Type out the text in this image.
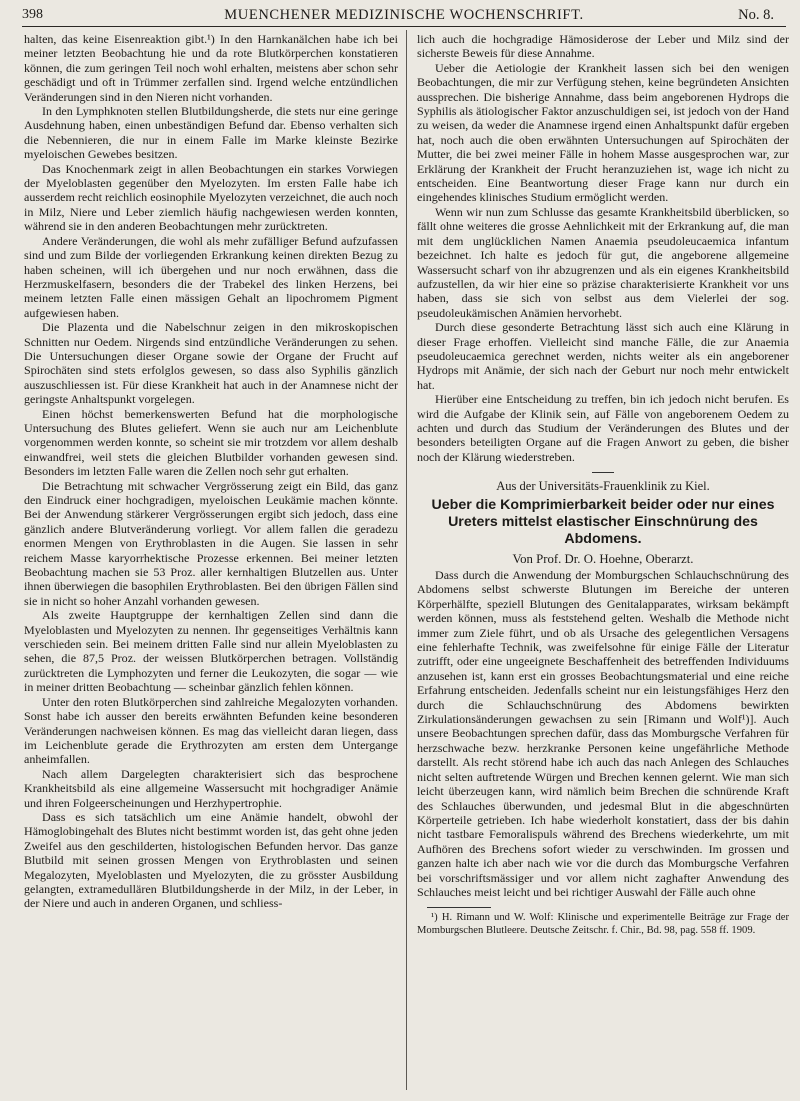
398	MUENCHENER MEDIZINISCHE WOCHENSCHRIFT.	No. 8.

halten, das keine Eisenreaktion gibt.¹) In den Harnkanälchen habe ich bei meiner letzten Beobachtung hie und da rote Blutkörperchen konstatieren können, die zum geringen Teil noch wohl erhalten, meistens aber schon sehr geschädigt und oft in Trümmer zerfallen sind. Irgend welche entzündlichen Veränderungen sind in den Nieren nicht vorhanden.

In den Lymphknoten stellen Blutbildungsherde, die stets nur eine geringe Ausdehnung haben, einen unbeständigen Befund dar. Ebenso verhalten sich die Nebennieren, die nur in einem Falle im Marke kleinste Bezirke myeloischen Gewebes besitzen.

Das Knochenmark zeigt in allen Beobachtungen ein starkes Vorwiegen der Myeloblasten gegenüber den Myelozyten. Im ersten Falle habe ich ausserdem recht reichlich eosinophile Myelozyten verzeichnet, die auch noch in Milz, Niere und Leber ziemlich häufig nachgewiesen werden konnten, während sie in den anderen Beobachtungen mehr zurücktreten.

Andere Veränderungen, die wohl als mehr zufälliger Befund aufzufassen sind und zum Bilde der vorliegenden Erkrankung keinen direkten Bezug zu haben scheinen, will ich übergehen und nur noch erwähnen, dass die Herzmuskelfasern, besonders die der Trabekel des linken Herzens, bei meinem letzten Falle einen mässigen Gehalt an lipochromem Pigment aufgewiesen haben.

Die Plazenta und die Nabelschnur zeigen in den mikroskopischen Schnitten nur Oedem. Nirgends sind entzündliche Veränderungen zu sehen. Die Untersuchungen dieser Organe sowie der Organe der Frucht auf Spirochäten sind stets erfolglos gewesen, so dass also Syphilis gänzlich auszuschliessen ist. Für diese Krankheit hat auch in der Anamnese nicht der geringste Anhaltspunkt vorgelegen.

Einen höchst bemerkenswerten Befund hat die morphologische Untersuchung des Blutes geliefert. Wenn sie auch nur am Leichenblute vorgenommen werden konnte, so scheint sie mir trotzdem vor allem deshalb einwandfrei, weil stets die gleichen Blutbilder vorhanden gewesen sind. Besonders im letzten Falle waren die Zellen noch sehr gut erhalten.

Die Betrachtung mit schwacher Vergrösserung zeigt ein Bild, das ganz den Eindruck einer hochgradigen, myeloischen Leukämie machen könnte. Bei der Anwendung stärkerer Vergrösserungen ergibt sich jedoch, dass eine gänzlich andere Blutveränderung vorliegt. Vor allem fallen die geradezu enormen Mengen von Erythroblasten in die Augen. Sie lassen in sehr reichem Masse karyorrhektische Prozesse erkennen. Bei meiner letzten Beobachtung machen sie 53 Proz. aller kernhaltigen Blutzellen aus. Unter ihnen überwiegen die basophilen Erythroblasten. Bei den übrigen Fällen sind sie in nicht so hoher Anzahl vorhanden gewesen.

Als zweite Hauptgruppe der kernhaltigen Zellen sind dann die Myeloblasten und Myelozyten zu nennen. Ihr gegenseitiges Verhältnis kann verschieden sein. Bei meinem dritten Falle sind nur allein Myeloblasten zu sehen, die 87,5 Proz. der weissen Blutkörperchen betragen. Vollständig zurücktreten die Lymphozyten und ferner die Leukozyten, die sogar — wie in meiner dritten Beobachtung — scheinbar gänzlich fehlen können.

Unter den roten Blutkörperchen sind zahlreiche Megalozyten vorhanden. Sonst habe ich ausser den bereits erwähnten Befunden keine besonderen Veränderungen nachweisen können. Es mag das vielleicht daran liegen, dass im Leichenblute gerade die Erythrozyten am ersten dem Untergange anheimfallen.

Nach allem Dargelegten charakterisiert sich das besprochene Krankheitsbild als eine allgemeine Wassersucht mit hochgradiger Anämie und ihren Folgeerscheinungen und Herzhypertrophie.

Dass es sich tatsächlich um eine Anämie handelt, obwohl der Hämoglobingehalt des Blutes nicht bestimmt worden ist, das geht ohne jeden Zweifel aus den geschilderten, histologischen Befunden hervor. Das ganze Blutbild mit seinen grossen Mengen von Erythroblasten und seinen Megalozyten, Myeloblasten und Myelozyten, die zu grösster Ausbildung gelangten, extramedullären Blutbildungsherde in der Milz, in der Leber, in der Niere und auch in anderen Organen, und schliess-

lich auch die hochgradige Hämosiderose der Leber und Milz sind der sicherste Beweis für diese Annahme.

Ueber die Aetiologie der Krankheit lassen sich bei den wenigen Beobachtungen, die mir zur Verfügung stehen, keine begründeten Ansichten aussprechen. Die bisherige Annahme, dass beim angeborenen Hydrops die Syphilis als ätiologischer Faktor anzuschuldigen sei, ist jedoch von der Hand zu weisen, da weder die Anamnese irgend einen Anhaltspunkt dafür ergeben hat, noch auch die oben erwähnten Untersuchungen auf Spirochäten der Mutter, die bei zwei meiner Fälle in hohem Masse ausgesprochen war, zur Erklärung der Krankheit der Frucht heranzuziehen ist, wage ich nicht zu entscheiden. Eine Beantwortung dieser Frage kann nur durch ein eingehendes klinisches Studium ermöglicht werden.

Wenn wir nun zum Schlusse das gesamte Krankheitsbild überblicken, so fällt ohne weiteres die grosse Aehnlichkeit mit der Erkrankung auf, die man mit dem unglücklichen Namen Anaemia pseudoleucaemica infantum bezeichnet. Ich halte es jedoch für gut, die angeborene allgemeine Wassersucht scharf von ihr abzugrenzen und als ein eigenes Krankheitsbild aufzustellen, da wir hier eine so präzise charakterisierte Krankheit vor uns haben, dass sie sich von selbst aus dem Vielerlei der sog. pseudoleukämischen Anämien hervorhebt.

Durch diese gesonderte Betrachtung lässt sich auch eine Klärung in dieser Frage erhoffen. Vielleicht sind manche Fälle, die zur Anaemia pseudoleucaemica gerechnet werden, nichts weiter als ein angeborener Hydrops mit Anämie, der sich nach der Geburt nur noch mehr entwickelt hat.

Hierüber eine Entscheidung zu treffen, bin ich jedoch nicht berufen. Es wird die Aufgabe der Klinik sein, auf Fälle von angeborenem Oedem zu achten und durch das Studium der Veränderungen des Blutes und der besonders beteiligten Organe auf die Fragen Anwort zu geben, die bisher noch der Klärung wiederstreben.

Aus der Universitäts-Frauenklinik zu Kiel.
Ueber die Komprimierbarkeit beider oder nur eines Ureters mittelst elastischer Einschnürung des Abdomens.
Von Prof. Dr. O. Hoehne, Oberarzt.

Dass durch die Anwendung der Momburgschen Schlauchschnürung des Abdomens selbst schwerste Blutungen im Bereiche der unteren Körperhälfte, speziell Blutungen des Genitalapparates, wirksam bekämpft werden können, muss als feststehend gelten. Weshalb die Methode nicht immer zum Ziele führt, und ob als Ursache des gelegentlichen Versagens eine fehlerhafte Technik, was zweifelsohne für einige Fälle der Literatur zutrifft, oder eine ungeeignete Beschaffenheit des betreffenden Individuums anzusehen ist, kann erst ein grosses Beobachtungsmaterial und eine reiche Erfahrung entscheiden. Jedenfalls scheint nur ein leistungsfähiges Herz den durch die Schlauchschnürung des Abdomens bewirkten Zirkulationsänderungen gewachsen zu sein [Rimann und Wolf¹)]. Auch unsere Beobachtungen sprechen dafür, dass das Momburgsche Verfahren für herzschwache bezw. herzkranke Personen keine ungefährliche Methode darstellt. Als recht störend habe ich auch das nach Anlegen des Schlauches nicht selten auftretende Würgen und Brechen kennen gelernt. Wie man sich leicht überzeugen kann, wird nämlich beim Brechen die schnürende Kraft des Schlauches überwunden, und jedesmal Blut in die abgeschnürten Körperteile getrieben. Ich habe wiederholt konstatiert, dass der bis dahin nicht tastbare Femoralispuls während des Brechens wiederkehrte, um mit Aufhören des Brechens sofort wieder zu verschwinden. Im grossen und ganzen halte ich aber nach wie vor die durch das Momburgsche Verfahren bei vorschriftsmässiger und vor allem nicht zaghafter Anwendung des Schlauches meist leicht und bei richtiger Auswahl der Fälle auch ohne

¹) H. Rimann und W. Wolf: Klinische und experimentelle Beiträge zur Frage der Momburgschen Blutleere. Deutsche Zeitschr. f. Chir., Bd. 98, pag. 558 ff. 1909.
